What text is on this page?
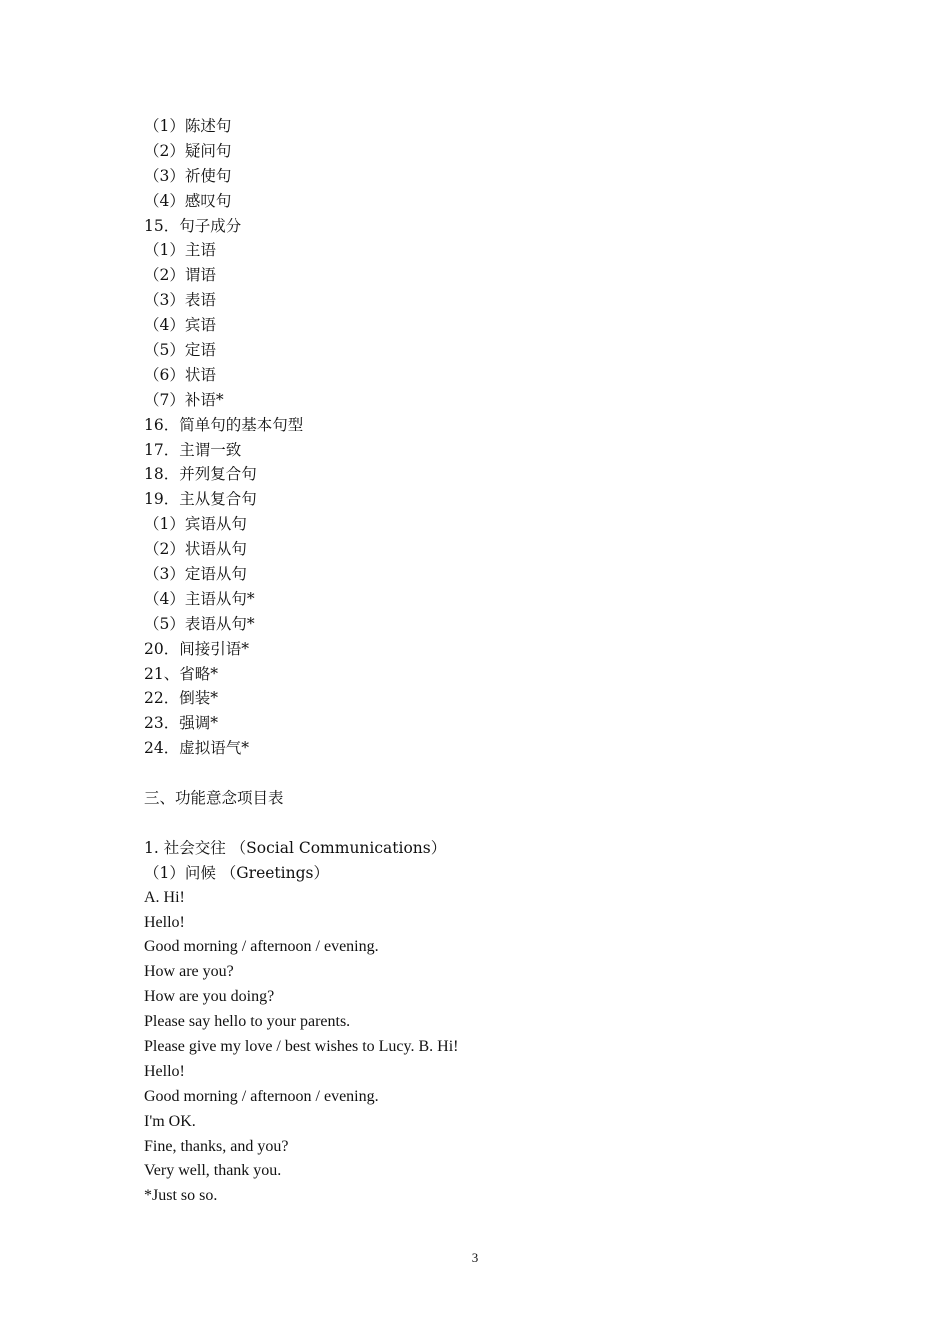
（1）陈述句
（2）疑问句
（3）祈使句
（4）感叹句
15．句子成分
（1）主语
（2）谓语
（3）表语
（4）宾语
（5）定语
（6）状语
（7）补语*
16．简单句的基本句型
17．主谓一致
18．并列复合句
19．主从复合句
（1）宾语从句
（2）状语从句
（3）定语从句
（4）主语从句*
（5）表语从句*
20．间接引语*
21、省略*
22．倒装*
23．强调*
24．虚拟语气*
三、功能意念项目表
1. 社会交往 （Social Communications）
（1）问候 （Greetings）
A. Hi!
Hello!
Good morning / afternoon / evening.
How are you?
How are you doing?
Please say hello to your parents.
Please give my love / best wishes to Lucy. B. Hi!
Hello!
Good morning / afternoon / evening.
I'm OK.
Fine, thanks, and you?
Very well, thank you.
*Just so so.
3
